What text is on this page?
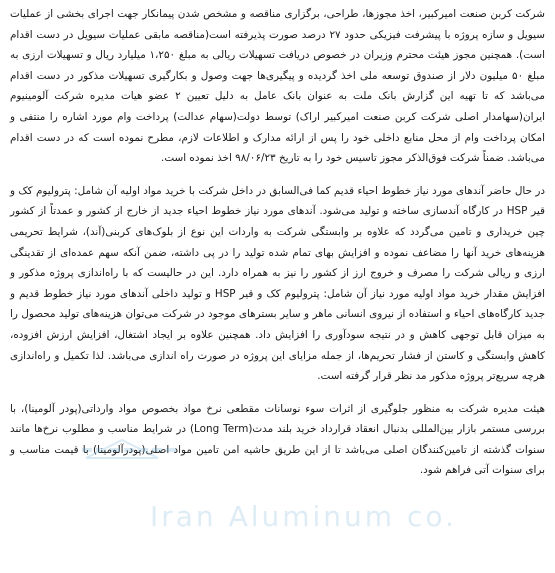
شرکت کربن صنعت امیرکبیر، اخذ مجوزها، طراحی، برگزاری مناقصه و مشخص شدن پیمانکار جهت اجرای بخشی از عملیات سیویل و سازه پروژه با پیشرفت فیزیکی حدود ۲۷ درصد صورت پذیرفته است(مناقصه مابقی عملیات سیویل در دست اقدام است). همچنین مجوز هیئت محترم وزیران در خصوص دریافت تسهیلات ریالی به مبلغ ۱،۲۵۰ میلیارد ریال و تسهیلات ارزی به مبلغ ۵۰ میلیون دلار از صندوق توسعه ملی اخذ گردیده و پیگیری‌ها جهت وصول و بکارگیری تسهیلات مذکور در دست اقدام می‌باشد که تا تهیه این گزارش بانک ملت به عنوان بانک عامل به دلیل تعیین ۲ عضو هیات مدیره شرکت آلومینیوم ایران(سهامدار اصلی شرکت کربن صنعت امیرکبیر اراک) توسط دولت(سهام عدالت) پرداخت وام مورد اشاره را منتفی و امکان پرداخت وام از محل منابع داخلی خود را پس از ارائه مدارک و اطلاعات لازم، مطرح نموده است که در دست اقدام می‌باشد. ضمناً شرکت فوق‌الذکر مجوز تاسیس خود را به تاریخ ۹۸/۰۶/۲۳ اخذ نموده است.

در حال حاضر آندهای مورد نیاز خطوط احیاء قدیم کما فی‌السابق در داخل شرکت با خرید مواد اولیه آن شامل: پترولیوم کک و قیر HSP در کارگاه آندسازی ساخته و تولید می‌شود. آندهای مورد نیاز خطوط احیاء جدید از خارج از کشور و عمدتاً از کشور چین خریداری و تامین می‌گردد که علاوه بر وابستگی شرکت به واردات این نوع از بلوک‌های کربنی(آند)، شرایط تحریمی هزینه‌های خرید آنها را مضاعف نموده و افزایش بهای تمام شده تولید را در پی داشته، ضمن آنکه سهم عمده‌ای از تقدینگی ارزی و ریالی شرکت را مصرف و خروج ارز از کشور را نیز به همراه دارد. این در حالیست که با راه‌اندازی پروژه مذکور و افزایش مقدار خرید مواد اولیه مورد نیاز آن شامل: پترولیوم کک و قیر HSP و تولید داخلی آندهای مورد نیاز خطوط قدیم و جدید کارگاه‌های احیاء و استفاده از نیروی انسانی ماهر و سایر بسترهای موجود در شرکت می‌توان هزینه‌های تولید محصول را به میزان قابل توجهی کاهش و در نتیجه سودآوری را افزایش داد. همچنین علاوه بر ایجاد اشتغال، افزایش ارزش افزوده، کاهش وابستگی و کاستن از فشار تحریم‌ها، از جمله مزایای این پروژه در صورت راه اندازی می‌باشد. لذا تکمیل و راه‌اندازی هرچه سریع‌تر پروژه مذکور مد نظر قرار گرفته است.

هیئت مدیره شرکت به منظور جلوگیری از اثرات سوء نوسانات مقطعی نرخ مواد بخصوص مواد وارداتی(پودر آلومینا)، با بررسی مستمر بازار بین‌المللی بدنبال انعقاد قرارداد خرید بلند مدت(Long Term) در شرایط مناسب و مطلوب نرخ‌ها مانند سنوات گذشته از تامین‌کنندگان اصلی می‌باشد تا از این طریق حاشیه امن تامین مواد اصلی(پودرآلومینا) با قیمت مناسب و برای سنوات آتی فراهم شود.

Iran Aluminum co.
